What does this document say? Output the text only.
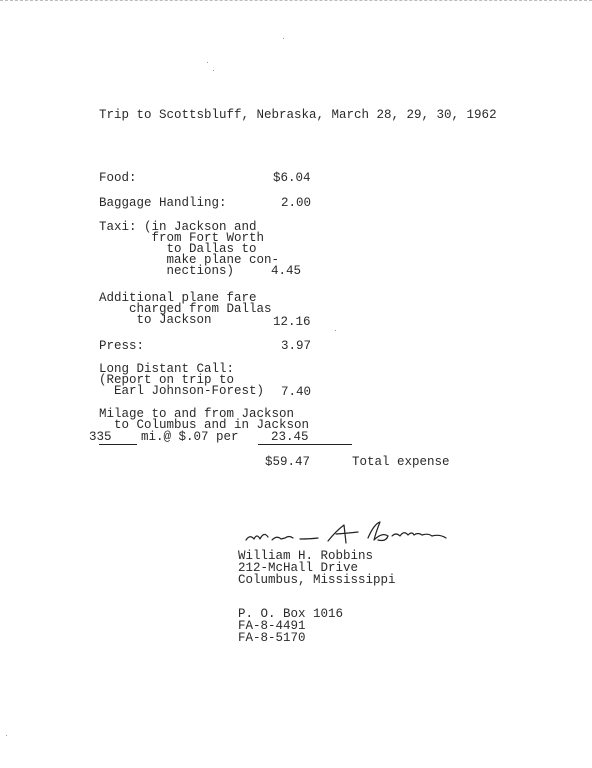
Trip to Scottsbluff, Nebraska, March 28, 29, 30, 1962
Food:	$6.04
Baggage Handling:	2.00
Taxi: (in Jackson and
from Fort Worth
to Dallas to
make plane con-
nections)	4.45
Additional plane fare
charged from Dallas
to Jackson	12.16
Press:	3.97
Long Distant Call:
(Report on trip to
Earl Johnson-Forest) 7.40
Milage to and from Jackson
to Columbus and in Jackson
335 mi.@ $.07 per	23.45
$59.47	Total expense
William H. Robbins
212-McHall Drive
Columbus, Mississippi
P. O. Box 1016
FA-8-4491
FA-8-5170
